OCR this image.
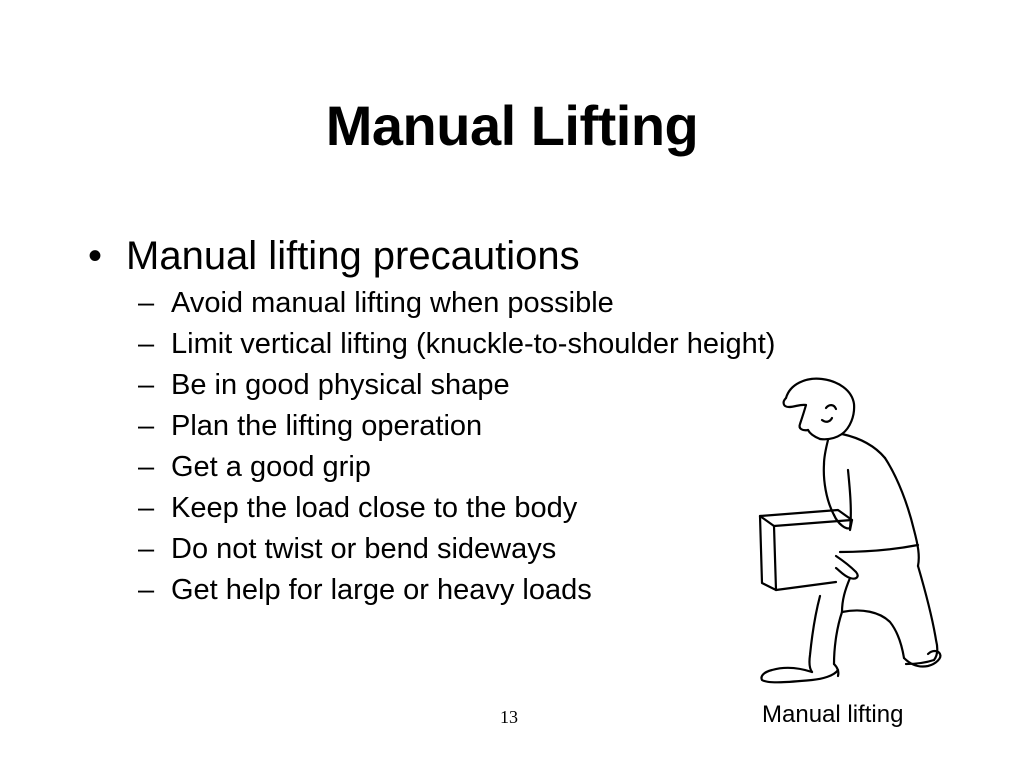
Manual Lifting
• Manual lifting precautions
– Avoid manual lifting when possible
– Limit vertical lifting (knuckle-to-shoulder height)
– Be in good physical shape
– Plan the lifting operation
– Get a good grip
– Keep the load close to the body
– Do not twist or bend sideways
– Get help for large or heavy loads
13	Manual lifting
